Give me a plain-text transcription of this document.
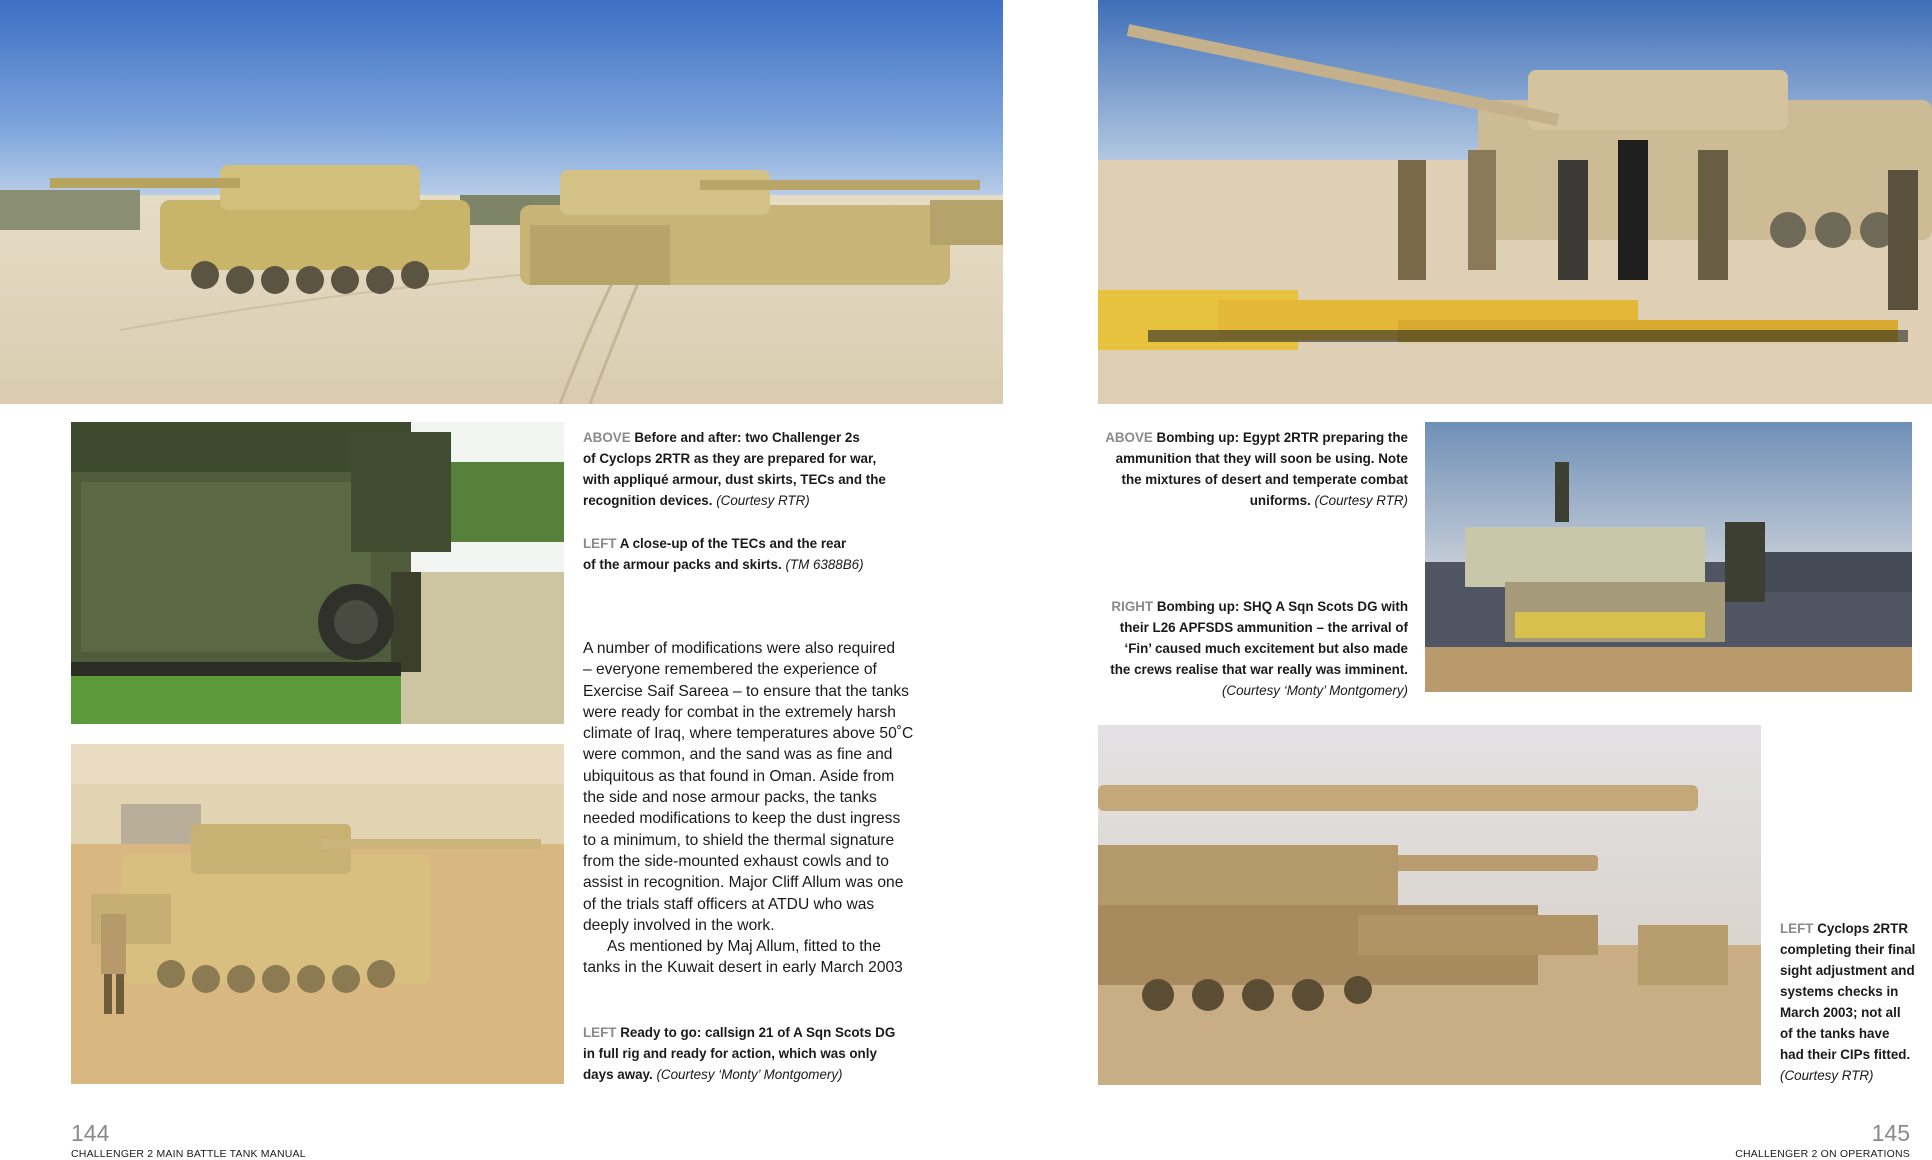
ABOVE Before and after: two Challenger 2s

of Cyclops 2RTR as they are prepared for war,

with appliqué armour, dust skirts, TECs and the

recognition devices. (Courtesy RTR)

LEFT A close-up of the TECs and the rear

of the armour packs and skirts. (TM 6388B6)

A number of modifications were also required

– everyone remembered the experience of

Exercise Saif Sareea – to ensure that the tanks

were ready for combat in the extremely harsh

climate of Iraq, where temperatures above 50˚C

were common, and the sand was as fine and

ubiquitous as that found in Oman. Aside from

the side and nose armour packs, the tanks

needed modifications to keep the dust ingress

to a minimum, to shield the thermal signature

from the side-mounted exhaust cowls and to

assist in recognition. Major Cliff Allum was one

of the trials staff officers at ATDU who was

deeply involved in the work.

As mentioned by Maj Allum, fitted to the

tanks in the Kuwait desert in early March 2003

LEFT Ready to go: callsign 21 of A Sqn Scots DG

in full rig and ready for action, which was only

days away. (Courtesy ‘Monty’ Montgomery)

ABOVE Bombing up: Egypt 2RTR preparing the

ammunition that they will soon be using. Note

the mixtures of desert and temperate combat

uniforms. (Courtesy RTR)

RIGHT Bombing up: SHQ A Sqn Scots DG with

their L26 APFSDS ammunition – the arrival of

‘Fin’ caused much excitement but also made

the crews realise that war really was imminent.

(Courtesy ‘Monty’ Montgomery)

LEFT Cyclops 2RTR

completing their final

sight adjustment and

systems checks in

March 2003; not all

of the tanks have

had their CIPs fitted.

(Courtesy RTR)

144
CHALLENGER 2 MAIN BATTLE TANK MANUAL
145
CHALLENGER 2 ON OPERATIONS
